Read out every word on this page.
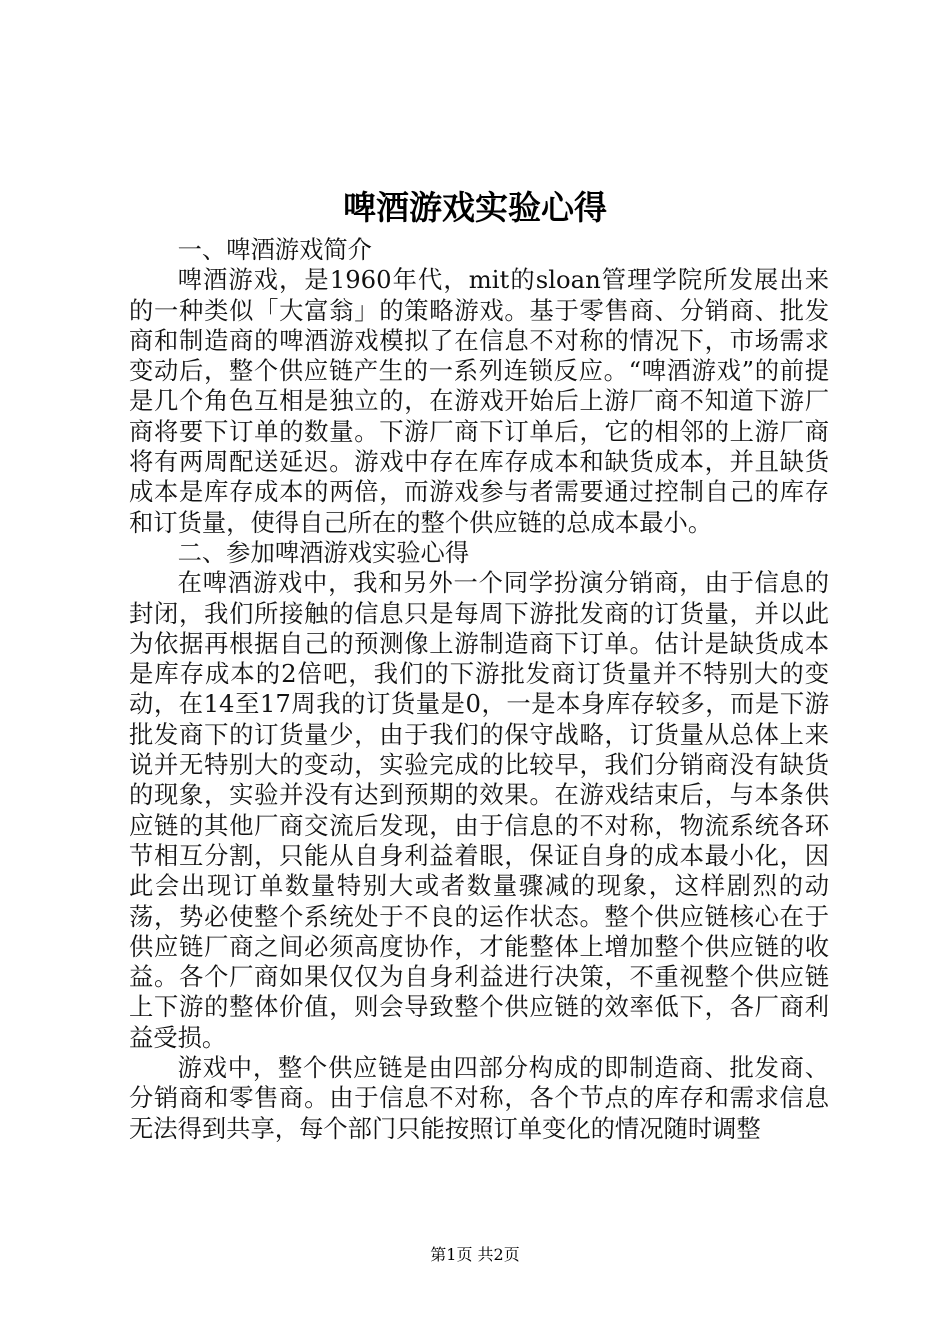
啤酒游戏实验心得
一、啤酒游戏简介

啤酒游戏，是1960年代，mit的sloan管理学院所发展出来的一种类似「大富翁」的策略游戏。基于零售商、分销商、批发商和制造商的啤酒游戏模拟了在信息不对称的情况下，市场需求变动后，整个供应链产生的一系列连锁反应。“啤酒游戏”的前提是几个角色互相是独立的，在游戏开始后上游厂商不知道下游厂商将要下订单的数量。下游厂商下订单后，它的相邻的上游厂商将有两周配送延迟。游戏中存在库存成本和缺货成本，并且缺货成本是库存成本的两倍，而游戏参与者需要通过控制自己的库存和订货量，使得自己所在的整个供应链的总成本最小。

二、参加啤酒游戏实验心得

在啤酒游戏中，我和另外一个同学扮演分销商，由于信息的封闭，我们所接触的信息只是每周下游批发商的订货量，并以此为依据再根据自己的预测像上游制造商下订单。估计是缺货成本是库存成本的2倍吧，我们的下游批发商订货量并不特别大的变动，在14至17周我的订货量是0，一是本身库存较多，而是下游批发商下的订货量少，由于我们的保守战略，订货量从总体上来说并无特别大的变动，实验完成的比较早，我们分销商没有缺货的现象，实验并没有达到预期的效果。在游戏结束后，与本条供应链的其他厂商交流后发现，由于信息的不对称，物流系统各环节相互分割，只能从自身利益着眼，保证自身的成本最小化，因此会出现订单数量特别大或者数量骤减的现象，这样剧烈的动荡，势必使整个系统处于不良的运作状态。整个供应链核心在于供应链厂商之间必须高度协作，才能整体上增加整个供应链的收益。各个厂商如果仅仅为自身利益进行决策，不重视整个供应链上下游的整体价值，则会导致整个供应链的效率低下，各厂商利益受损。

游戏中，整个供应链是由四部分构成的即制造商、批发商、分销商和零售商。由于信息不对称，各个节点的库存和需求信息无法得到共享，每个部门只能按照订单变化的情况随时调整

第1页 共2页
